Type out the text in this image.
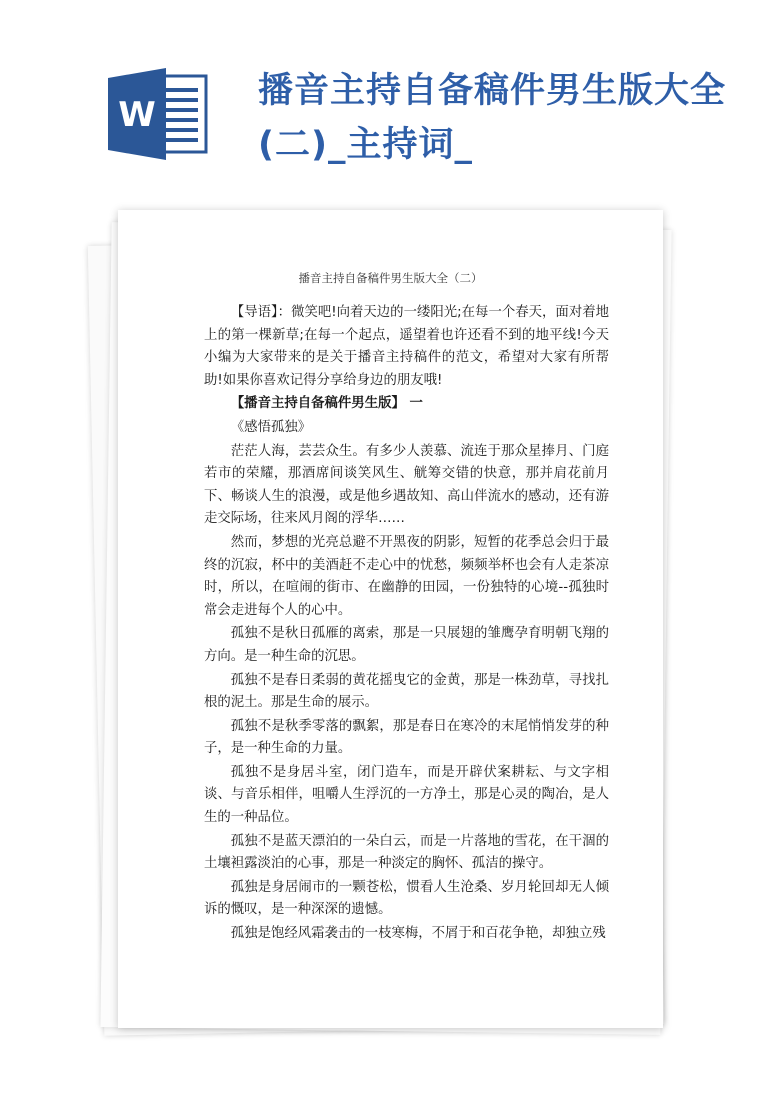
W
播音主持自备稿件男生版大全
(二)_主持词_
播音主持自备稿件男生版大全（二）

【导语】：微笑吧!向着天边的一缕阳光;在每一个春天，面对着地上的第一棵新草;在每一个起点，遥望着也许还看不到的地平线!今天小编为大家带来的是关于播音主持稿件的范文，希望对大家有所帮助!如果你喜欢记得分享给身边的朋友哦!

【播音主持自备稿件男生版】 一

《感悟孤独》

茫茫人海，芸芸众生。有多少人羡慕、流连于那众星捧月、门庭若市的荣耀，那酒席间谈笑风生、觥筹交错的快意，那并肩花前月下、畅谈人生的浪漫，或是他乡遇故知、高山伴流水的感动，还有游走交际场，往来风月阁的浮华……

然而，梦想的光亮总避不开黑夜的阴影，短暂的花季总会归于最终的沉寂，杯中的美酒赶不走心中的忧愁，频频举杯也会有人走茶凉时，所以，在喧闹的街市、在幽静的田园，一份独特的心境--孤独时常会走进每个人的心中。

孤独不是秋日孤雁的离索，那是一只展翅的雏鹰孕育明朝飞翔的方向。是一种生命的沉思。

孤独不是春日柔弱的黄花摇曳它的金黄，那是一株劲草，寻找扎根的泥土。那是生命的展示。

孤独不是秋季零落的飘絮，那是春日在寒冷的末尾悄悄发芽的种子，是一种生命的力量。

孤独不是身居斗室，闭门造车，而是开辟伏案耕耘、与文字相谈、与音乐相伴，咀嚼人生浮沉的一方净土，那是心灵的陶冶，是人生的一种品位。

孤独不是蓝天漂泊的一朵白云，而是一片落地的雪花，在干涸的土壤袒露淡泊的心事，那是一种淡定的胸怀、孤洁的操守。

孤独是身居闹市的一颗苍松，惯看人生沧桑、岁月轮回却无人倾诉的慨叹，是一种深深的遗憾。

孤独是饱经风霜袭击的一枝寒梅，不屑于和百花争艳，却独立残
